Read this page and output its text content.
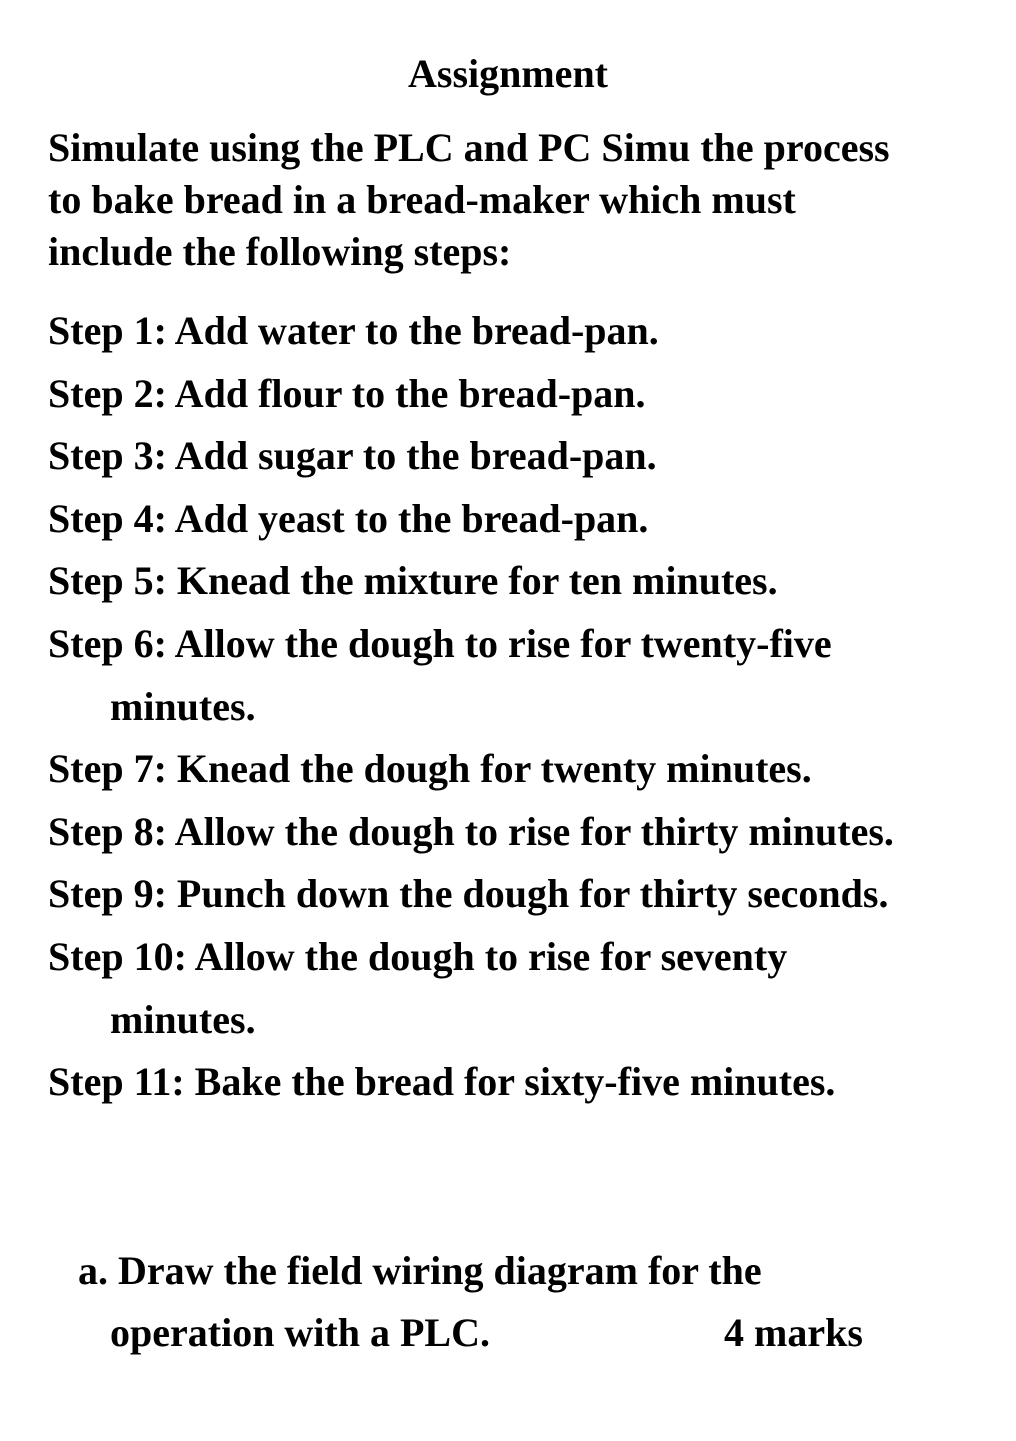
Assignment
Simulate using the PLC and PC Simu the process
to bake bread in a bread-maker which must
include the following steps:
Step 1: Add water to the bread-pan.
Step 2: Add flour to the bread-pan.
Step 3: Add sugar to the bread-pan.
Step 4: Add yeast to the bread-pan.
Step 5: Knead the mixture for ten minutes.
Step 6: Allow the dough to rise for twenty-five
minutes.
Step 7: Knead the dough for twenty minutes.
Step 8: Allow the dough to rise for thirty minutes.
Step 9: Punch down the dough for thirty seconds.
Step 10: Allow the dough to rise for seventy
minutes.
Step 11: Bake the bread for sixty-five minutes.
a. Draw the field wiring diagram for the
operation with a PLC.	4 marks
